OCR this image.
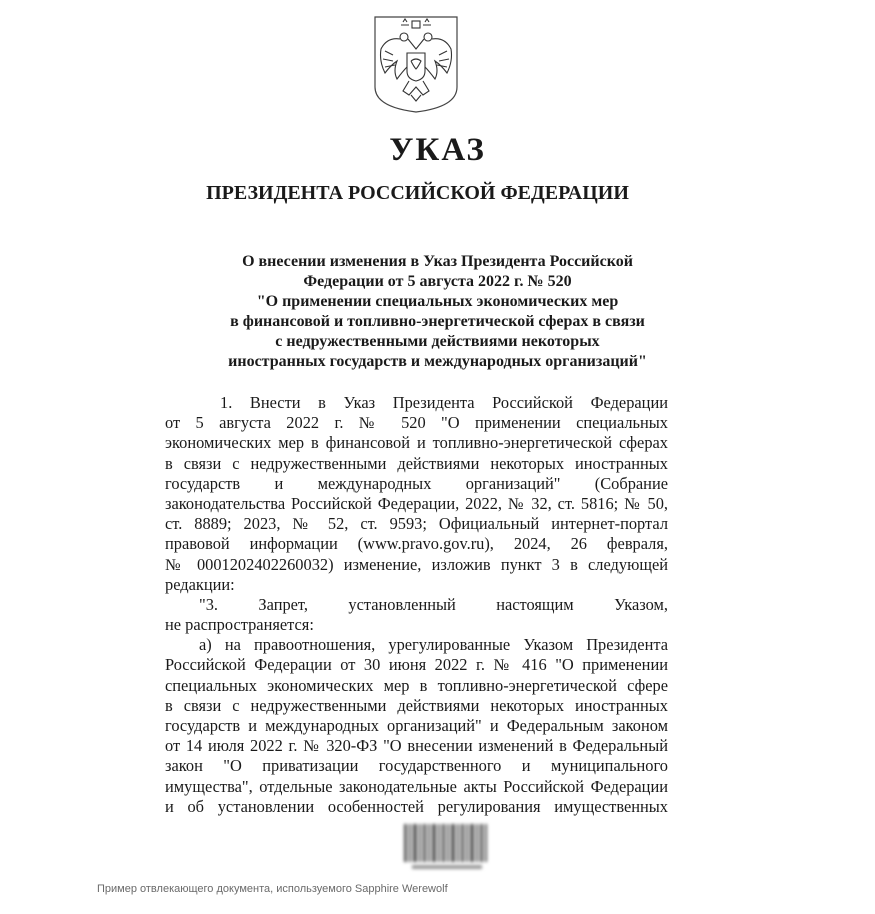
УКАЗ
ПРЕЗИДЕНТА РОССИЙСКОЙ ФЕДЕРАЦИИ
О внесении изменения в Указ Президента Российской
Федерации от 5 августа 2022 г. № 520
"О применении специальных экономических мер
в финансовой и топливно-энергетической сферах в связи
с недружественными действиями некоторых
иностранных государств и международных организаций"
1. Внести в Указ Президента Российской Федерации
от 5 августа 2022 г. № 520 "О применении специальных
экономических мер в финансовой и топливно-энергетической сферах
в связи с недружественными действиями некоторых иностранных
государств и международных организаций" (Собрание
законодательства Российской Федерации, 2022, № 32, ст. 5816; № 50,
ст. 8889; 2023, № 52, ст. 9593; Официальный интернет-портал
правовой информации (www.pravo.gov.ru), 2024, 26 февраля,
№ 0001202402260032) изменение, изложив пункт 3 в следующей
редакции:
"3. Запрет, установленный настоящим Указом,
не распространяется:
а) на правоотношения, урегулированные Указом Президента
Российской Федерации от 30 июня 2022 г. № 416 "О применении
специальных экономических мер в топливно-энергетической сфере
в связи с недружественными действиями некоторых иностранных
государств и международных организаций" и Федеральным законом
от 14 июля 2022 г. № 320-ФЗ "О внесении изменений в Федеральный
закон "О приватизации государственного и муниципального
имущества", отдельные законодательные акты Российской Федерации
и об установлении особенностей регулирования имущественных
Пример отвлекающего документа, используемого Sapphire Werewolf
